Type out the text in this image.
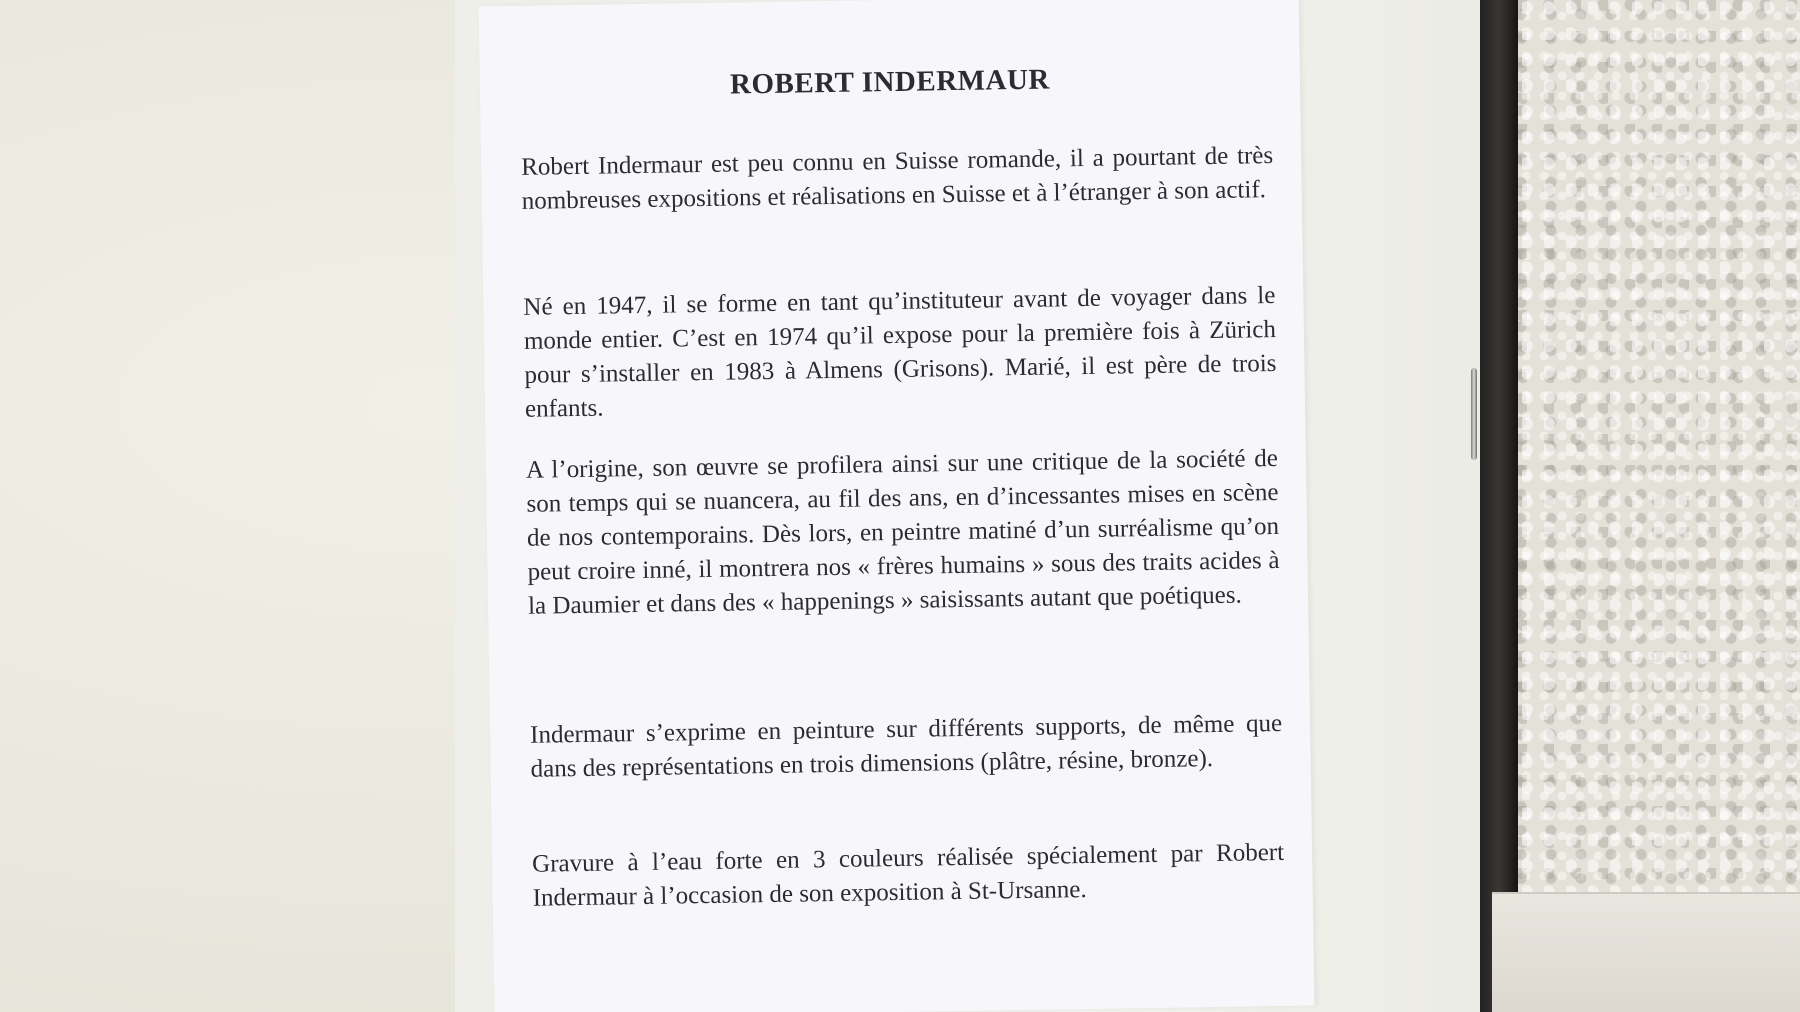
ROBERT INDERMAUR

Robert Indermaur est peu connu en Suisse romande, il a pourtant de très nombreuses expositions et réalisations en Suisse et à l’étranger à son actif.

Né en 1947, il se forme en tant qu’instituteur avant de voyager dans le monde entier. C’est en 1974 qu’il expose pour la première fois à Zürich pour s’installer en 1983 à Almens (Grisons). Marié, il est père de trois enfants.

A l’origine, son œuvre se profilera ainsi sur une critique de la société de son temps qui se nuancera, au fil des ans, en d’incessantes mises en scène de nos contemporains. Dès lors, en peintre matiné d’un surréalisme qu’on peut croire inné, il montrera nos « frères humains » sous des traits acides à la Daumier et dans des « happenings » saisissants autant que poétiques.

Indermaur s’exprime en peinture sur différents supports, de même que dans des représentations en trois dimensions (plâtre, résine, bronze).

Gravure à l’eau forte en 3 couleurs réalisée spécialement par Robert Indermaur à l’occasion de son exposition à St-Ursanne.
